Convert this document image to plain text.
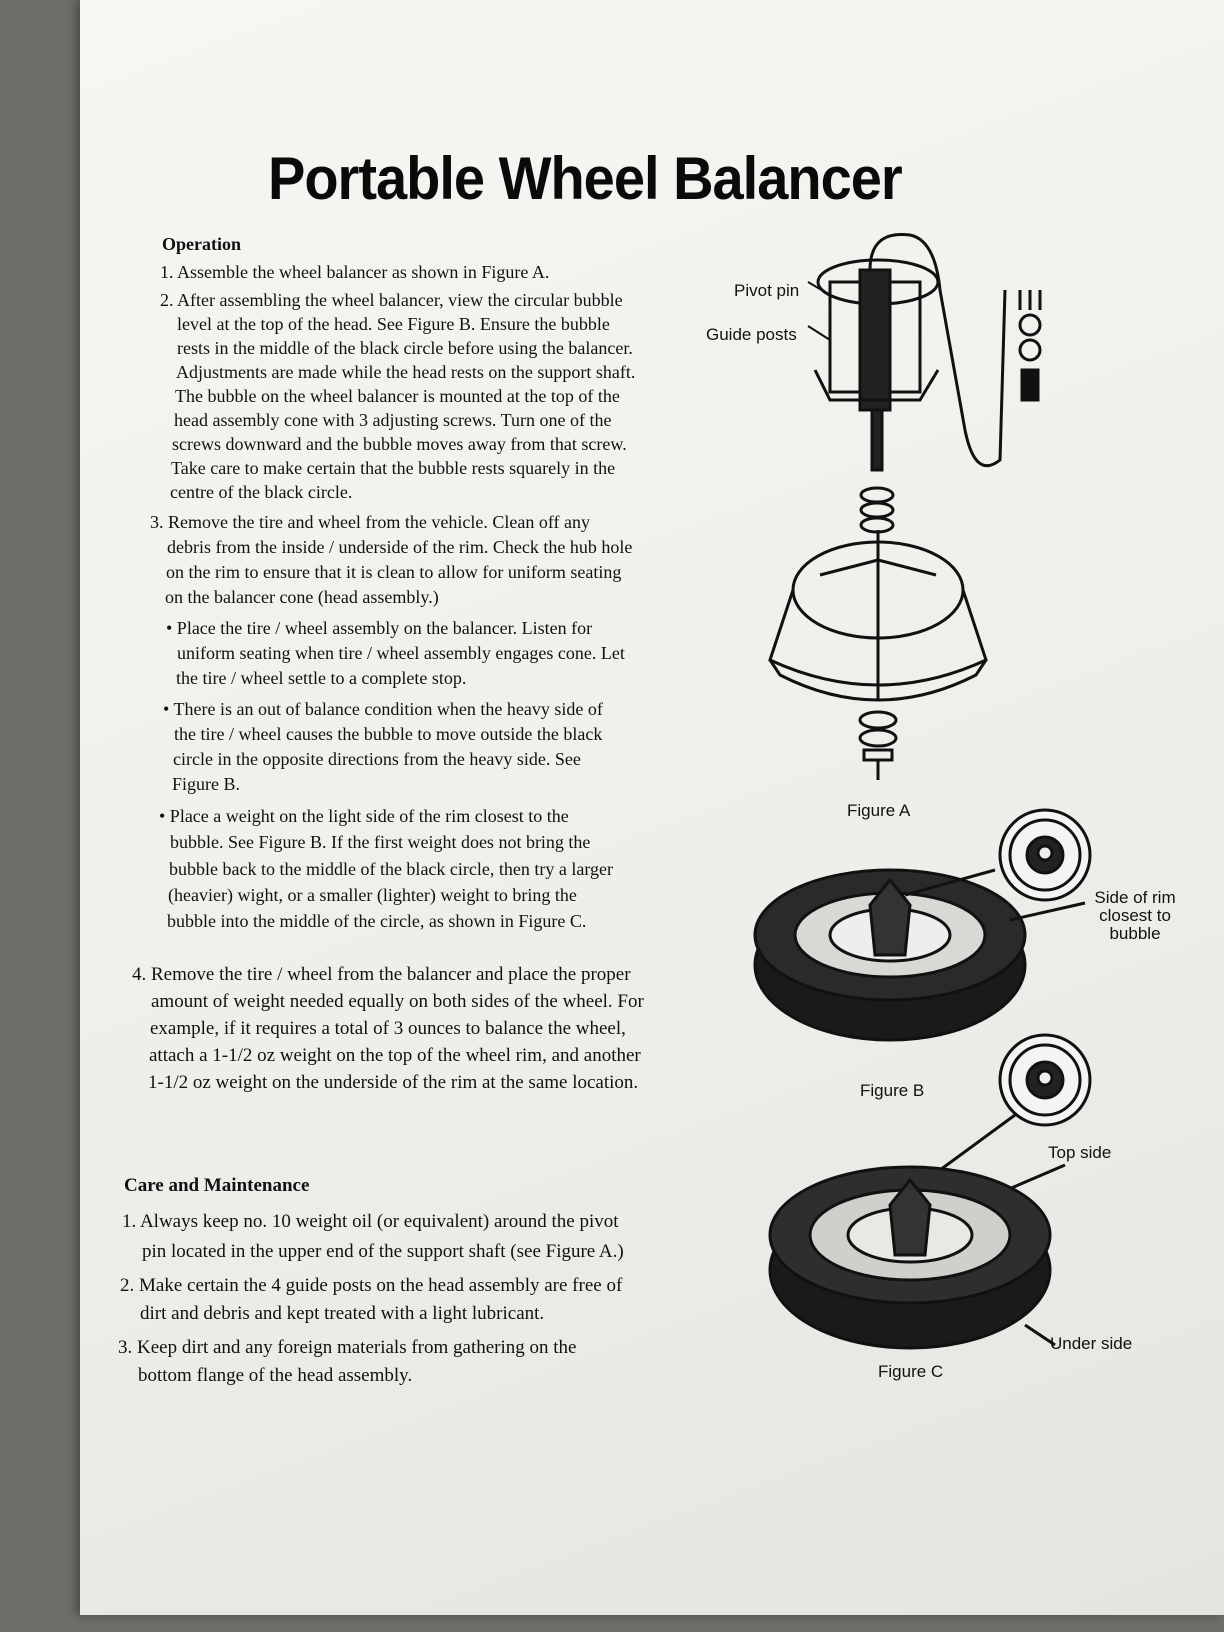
Portable Wheel Balancer
Operation
1. Assemble the wheel balancer as shown in Figure A.
2. After assembling the wheel balancer, view the circular bubble
level at the top of the head. See Figure B. Ensure the bubble
rests in the middle of the black circle before using the balancer.
Adjustments are made while the head rests on the support shaft.
The bubble on the wheel balancer is mounted at the top of the
head assembly cone with 3 adjusting screws. Turn one of the
screws downward and the bubble moves away from that screw.
Take care to make certain that the bubble rests squarely in the
centre of the black circle.
3. Remove the tire and wheel from the vehicle. Clean off any
debris from the inside / underside of the rim. Check the hub hole
on the rim to ensure that it is clean to allow for uniform seating
on the balancer cone (head assembly.)
• Place the tire / wheel assembly on the balancer. Listen for
uniform seating when tire / wheel assembly engages cone. Let
the tire / wheel settle to a complete stop.
• There is an out of balance condition when the heavy side of
the tire / wheel causes the bubble to move outside the black
circle in the opposite directions from the heavy side. See
Figure B.
• Place a weight on the light side of the rim closest to the
bubble. See Figure B. If the first weight does not bring the
bubble back to the middle of the black circle, then try a larger
(heavier) wight, or a smaller (lighter) weight to bring the
bubble into the middle of the circle, as shown in Figure C.
4. Remove the tire / wheel from the balancer and place the proper
amount of weight needed equally on both sides of the wheel. For
example, if it requires a total of 3 ounces to balance the wheel,
attach a 1-1/2 oz weight on the top of the wheel rim, and another
1-1/2 oz weight on the underside of the rim at the same location.
Care and Maintenance
1. Always keep no. 10 weight oil (or equivalent) around the pivot
pin located in the upper end of the support shaft (see Figure A.)
2. Make certain the 4 guide posts on the head assembly are free of
dirt and debris and kept treated with a light lubricant.
3. Keep dirt and any foreign materials from gathering on the
bottom flange of the head assembly.
Pivot pin
Guide posts
Figure A
Side of rim
closest to
bubble
Figure B
Top side
Under side
Figure C
